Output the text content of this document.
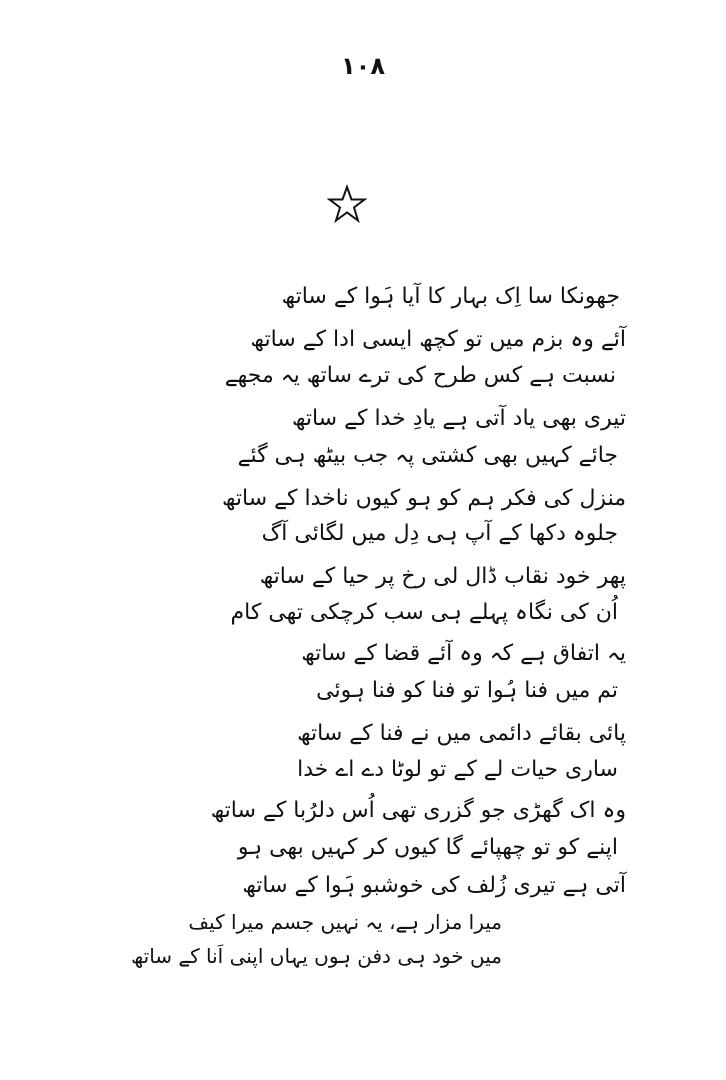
١٠٨
جھونکا سا اِک بہار کا آیا ہَوا کے ساتھ
آئے وہ بزم میں تو کچھ ایسی ادا کے ساتھ
نسبت ہے کس طرح کی ترے ساتھ یہ مجھے
تیری بھی یاد آتی ہے یادِ خدا کے ساتھ
جائے کہیں بھی کشتی پہ جب بیٹھ ہی گئے
منزل کی فکر ہم کو ہو کیوں ناخدا کے ساتھ
جلوہ دکھا کے آپ ہی دِل میں لگائی آگ
پھر خود نقاب ڈال لی رخ پر حیا کے ساتھ
اُن کی نگاہ پہلے ہی سب کرچکی تھی کام
یہ اتفاق ہے کہ وہ آئے قضا کے ساتھ
تم میں فنا ہُوا تو فنا کو فنا ہوئی
پائی بقائے دائمی میں نے فنا کے ساتھ
ساری حیات لے کے تو لوٹا دے اے خدا
وہ اک گھڑی جو گزری تھی اُس دلرُبا کے ساتھ
اپنے کو تو چھپائے گا کیوں کر کہیں بھی ہو
آتی ہے تیری زُلف کی خوشبو ہَوا کے ساتھ
میرا مزار ہے، یہ نہیں جسم میرا کیف
میں خود ہی دفن ہوں یہاں اپنی اَنا کے ساتھ
